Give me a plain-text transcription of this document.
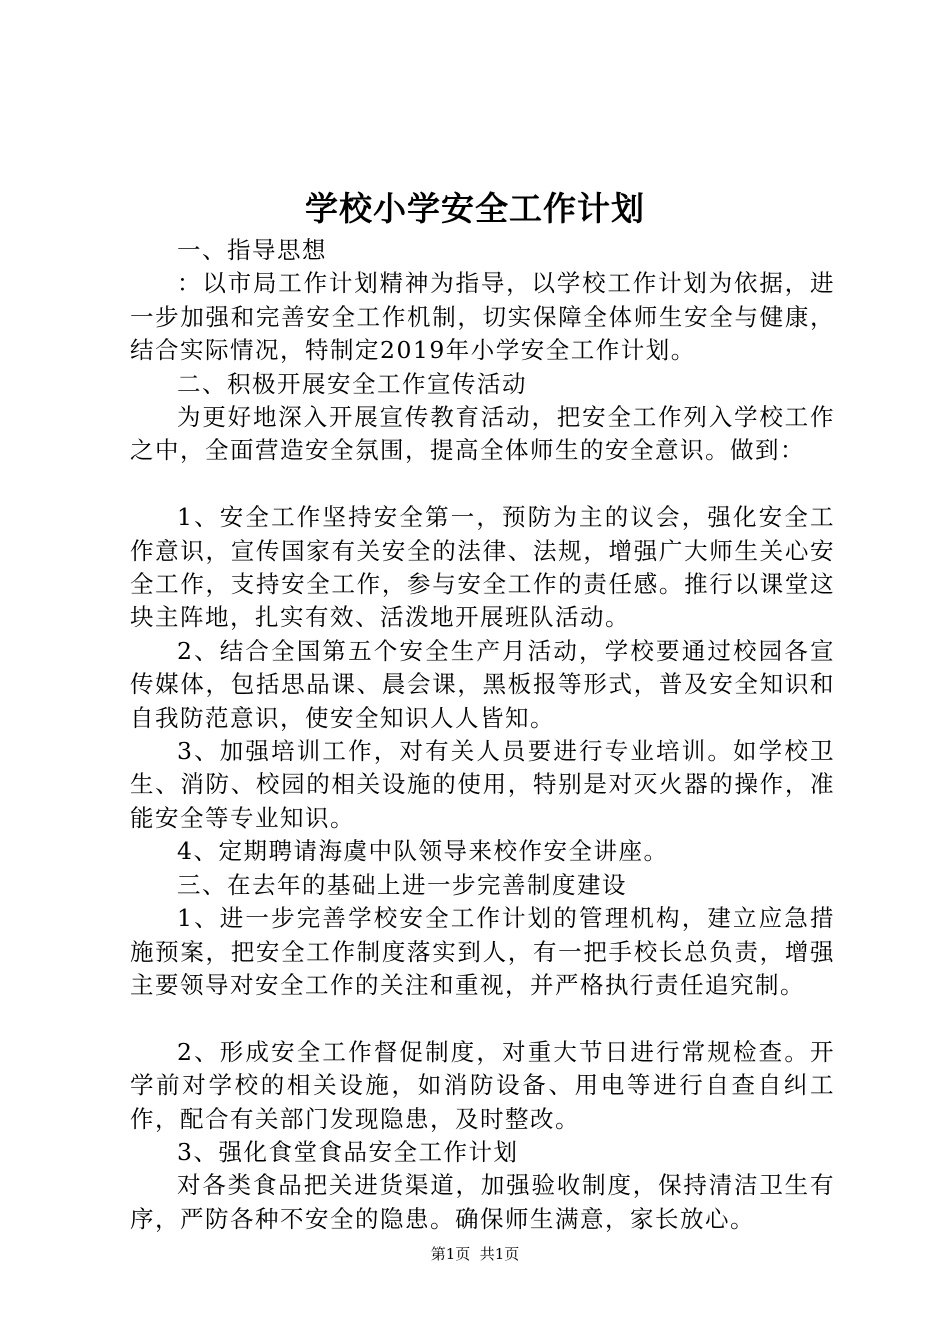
学校小学安全工作计划

一、指导思想

：以市局工作计划精神为指导，以学校工作计划为依据，进一步加强和完善安全工作机制，切实保障全体师生安全与健康，结合实际情况，特制定2019年小学安全工作计划。

二、积极开展安全工作宣传活动

为更好地深入开展宣传教育活动，把安全工作列入学校工作之中，全面营造安全氛围，提高全体师生的安全意识。做到：

1、安全工作坚持安全第一，预防为主的议会，强化安全工作意识，宣传国家有关安全的法律、法规，增强广大师生关心安全工作，支持安全工作，参与安全工作的责任感。推行以课堂这块主阵地，扎实有效、活泼地开展班队活动。

2、结合全国第五个安全生产月活动，学校要通过校园各宣传媒体，包括思品课、晨会课，黑板报等形式，普及安全知识和自我防范意识，使安全知识人人皆知。

3、加强培训工作，对有关人员要进行专业培训。如学校卫生、消防、校园的相关设施的使用，特别是对灭火器的操作，准能安全等专业知识。

4、定期聘请海虞中队领导来校作安全讲座。

三、在去年的基础上进一步完善制度建设

1、进一步完善学校安全工作计划的管理机构，建立应急措施预案，把安全工作制度落实到人，有一把手校长总负责，增强主要领导对安全工作的关注和重视，并严格执行责任追究制。

2、形成安全工作督促制度，对重大节日进行常规检查。开学前对学校的相关设施，如消防设备、用电等进行自查自纠工作，配合有关部门发现隐患，及时整改。

3、强化食堂食品安全工作计划

对各类食品把关进货渠道，加强验收制度，保持清洁卫生有序，严防各种不安全的隐患。确保师生满意，家长放心。

第1页  共1页
